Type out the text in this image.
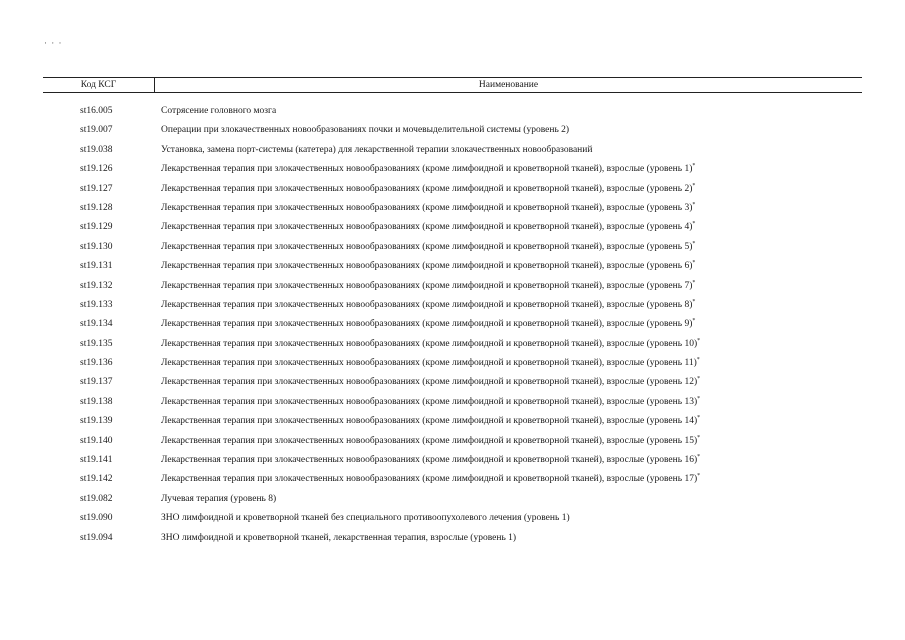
· · ·
Код КСГ	Наименование
st16.005	Сотрясение головного мозга
st19.007	Операции при злокачественных новообразованиях почки и мочевыделительной системы (уровень 2)
st19.038	Установка, замена порт-системы (катетера) для лекарственной терапии злокачественных новообразований
st19.126	Лекарственная терапия при злокачественных новообразованиях (кроме лимфоидной и кроветворной тканей), взрослые (уровень 1)*
st19.127	Лекарственная терапия при злокачественных новообразованиях (кроме лимфоидной и кроветворной тканей), взрослые (уровень 2)*
st19.128	Лекарственная терапия при злокачественных новообразованиях (кроме лимфоидной и кроветворной тканей), взрослые (уровень 3)*
st19.129	Лекарственная терапия при злокачественных новообразованиях (кроме лимфоидной и кроветворной тканей), взрослые (уровень 4)*
st19.130	Лекарственная терапия при злокачественных новообразованиях (кроме лимфоидной и кроветворной тканей), взрослые (уровень 5)*
st19.131	Лекарственная терапия при злокачественных новообразованиях (кроме лимфоидной и кроветворной тканей), взрослые (уровень 6)*
st19.132	Лекарственная терапия при злокачественных новообразованиях (кроме лимфоидной и кроветворной тканей), взрослые (уровень 7)*
st19.133	Лекарственная терапия при злокачественных новообразованиях (кроме лимфоидной и кроветворной тканей), взрослые (уровень 8)*
st19.134	Лекарственная терапия при злокачественных новообразованиях (кроме лимфоидной и кроветворной тканей), взрослые (уровень 9)*
st19.135	Лекарственная терапия при злокачественных новообразованиях (кроме лимфоидной и кроветворной тканей), взрослые (уровень 10)*
st19.136	Лекарственная терапия при злокачественных новообразованиях (кроме лимфоидной и кроветворной тканей), взрослые (уровень 11)*
st19.137	Лекарственная терапия при злокачественных новообразованиях (кроме лимфоидной и кроветворной тканей), взрослые (уровень 12)*
st19.138	Лекарственная терапия при злокачественных новообразованиях (кроме лимфоидной и кроветворной тканей), взрослые (уровень 13)*
st19.139	Лекарственная терапия при злокачественных новообразованиях (кроме лимфоидной и кроветворной тканей), взрослые (уровень 14)*
st19.140	Лекарственная терапия при злокачественных новообразованиях (кроме лимфоидной и кроветворной тканей), взрослые (уровень 15)*
st19.141	Лекарственная терапия при злокачественных новообразованиях (кроме лимфоидной и кроветворной тканей), взрослые (уровень 16)*
st19.142	Лекарственная терапия при злокачественных новообразованиях (кроме лимфоидной и кроветворной тканей), взрослые (уровень 17)*
st19.082	Лучевая терапия (уровень 8)
st19.090	ЗНО лимфоидной и кроветворной тканей без специального противоопухолевого лечения (уровень 1)
st19.094	ЗНО лимфоидной и кроветворной тканей, лекарственная терапия, взрослые (уровень 1)
